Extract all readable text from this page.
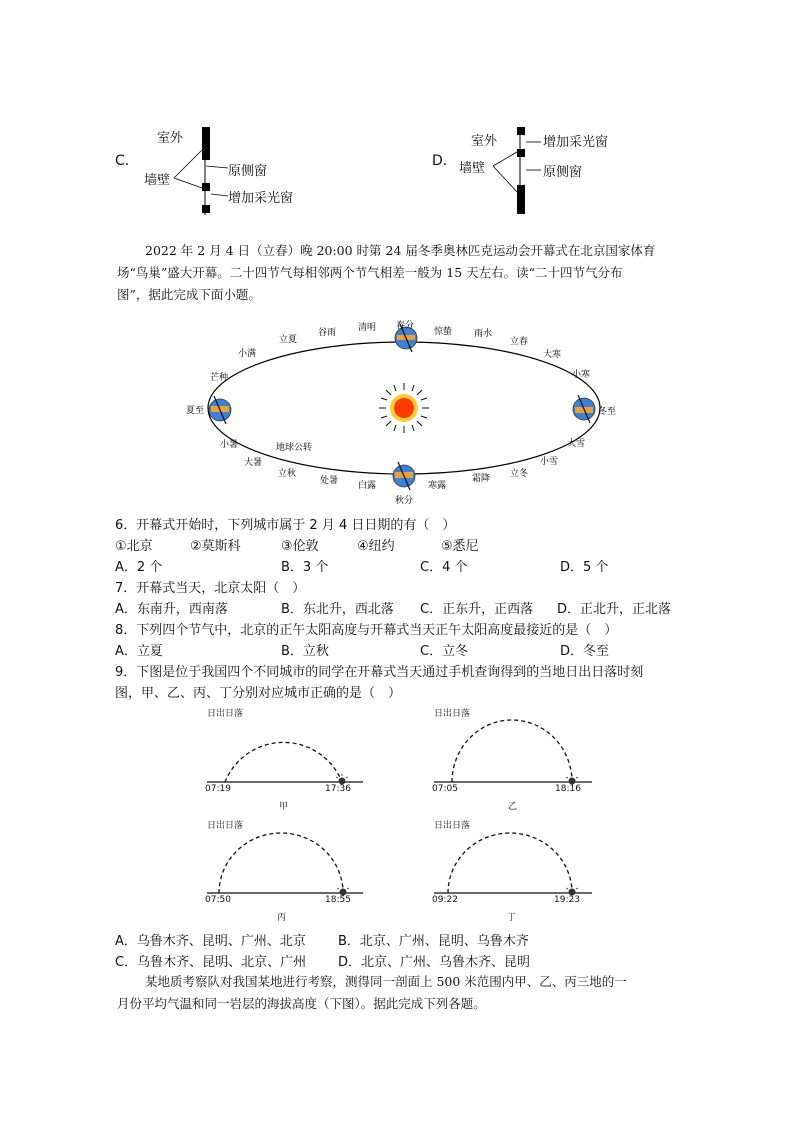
C．
室外
墙壁
原侧窗
增加采光窗
D．
室外
墙壁
增加采光窗
原侧窗
2022 年 2 月 4 日（立春）晚 20:00 时第 24 届冬季奥林匹克运动会开幕式在北京国家体育
场“鸟巢”盛大开幕。二十四节气每相邻两个节气相差一般为 15 天左右。读“二十四节气分布
图”，据此完成下面小题。
春分
清明
谷雨
立夏
小满
芒种
夏至
小暑
大暑
地球公转
立秋
处暑 白露
秋分
寒露
霜降 立冬
小雪
大雪
冬至
小寒
大寒
立春
雨水
惊蛰
6．开幕式开始时，下列城市属于 2 月 4 日日期的有（　）
①北京	②莫斯科	③伦敦	④纽约	⑤悉尼
A．2 个	B．3 个	C．4 个	D．5 个
7．开幕式当天，北京太阳（　）
A．东南升，西南落	B．东北升，西北落 C．正东升，正西落 D．正北升，正北落
8．下列四个节气中，北京的正午太阳高度与开幕式当天正午太阳高度最接近的是（　）
A．立夏	B．立秋	C．立冬	D．冬至
9．下图是位于我国四个不同城市的同学在开幕式当天通过手机查询得到的当地日出日落时刻
图，甲、乙、丙、丁分别对应城市正确的是（　）
日出日落
07:19	17:36
甲
日出日落
07:05	18:16
乙
日出日落
07:50	18:55
丙
日出日落
09:22	19:23
丁
A．乌鲁木齐、昆明、广州、北京 B．北京、广州、昆明、乌鲁木齐
C．乌鲁木齐、昆明、北京、广州 D．北京、广州、乌鲁木齐、昆明
某地质考察队对我国某地进行考察，测得同一剖面上 500 米范围内甲、乙、丙三地的一
月份平均气温和同一岩层的海拔高度（下图）。据此完成下列各题。
